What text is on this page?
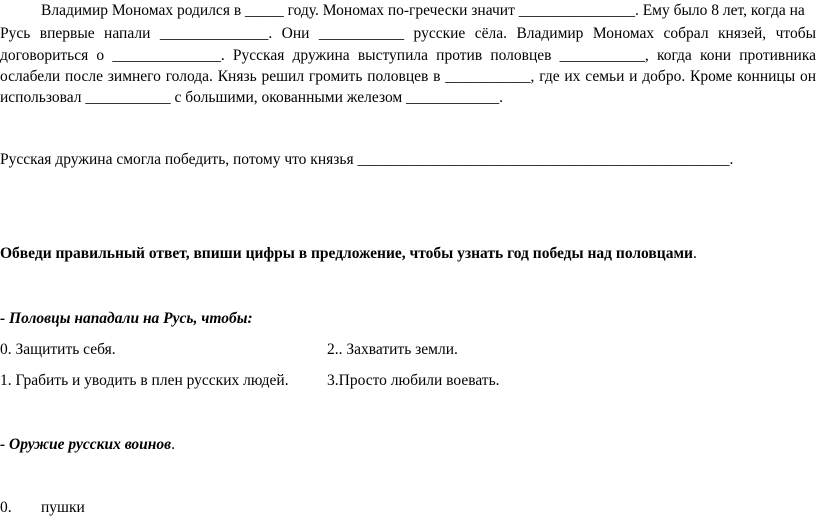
Владимир Мономах родился в _____ году. Мономах по-гречески значит _______________. Ему было 8 лет, когда на
Русь впервые напали ______________. Они ___________ русские сёла. Владимир Мономах собрал князей, чтобы
договориться о ______________. Русская дружина выступила против половцев ___________, когда кони противника
ослабели после зимнего голода. Князь решил громить половцев в ___________, где их семьи и добро. Кроме конницы он
использовал ___________ с большими, окованными железом ____________.
Русская дружина смогла победить, потому что князья ________________________________________________.
Обведи правильный ответ, впиши цифры в предложение, чтобы узнать год победы над половцами.
- Половцы нападали на Русь, чтобы:
0. Защитить себя.	2.. Захватить земли.
1. Грабить и уводить в плен русских людей. 3.Просто любили воевать.
- Оружие русских воинов.
0. пушки
